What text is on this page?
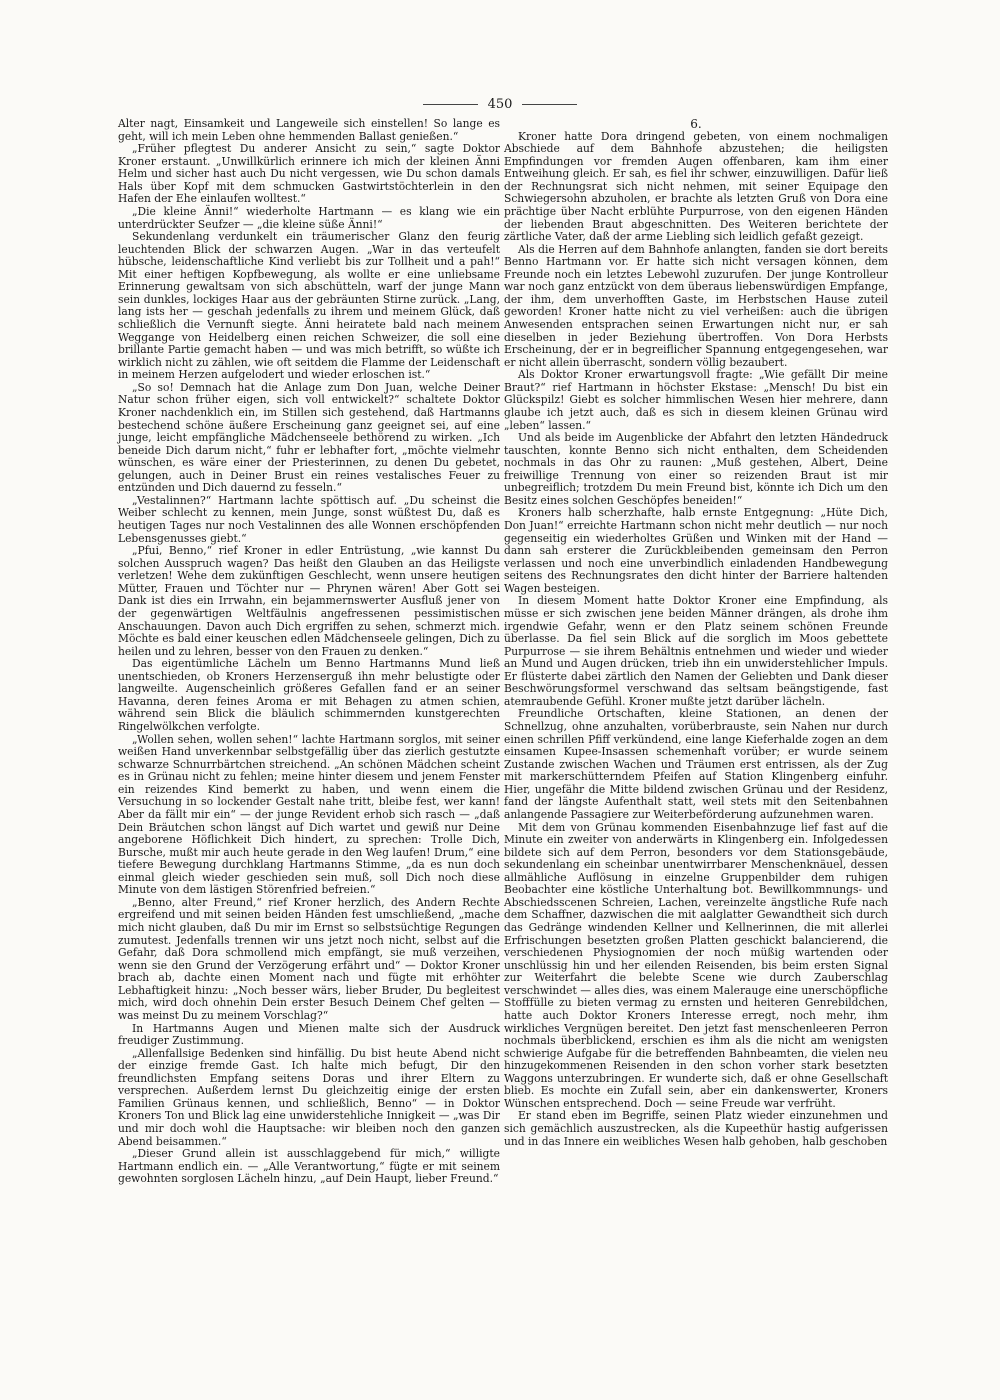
450

Alter nagt, Einsamkeit und Langeweile sich einstellen! So lange es geht, will ich mein Leben ohne hemmenden Ballast genießen.“

„Früher pflegtest Du anderer Ansicht zu sein,“ sagte Doktor Kroner erstaunt. „Unwillkürlich erinnere ich mich der kleinen Änni Helm und sicher hast auch Du nicht vergessen, wie Du schon damals Hals über Kopf mit dem schmucken Gastwirtstöchterlein in den Hafen der Ehe einlaufen wolltest.“

„Die kleine Änni!“ wiederholte Hartmann — es klang wie ein unterdrückter Seufzer — „die kleine süße Änni!“

Sekundenlang verdunkelt ein träumerischer Glanz den feurig leuchtenden Blick der schwarzen Augen. „War in das verteufelt hübsche, leidenschaftliche Kind verliebt bis zur Tollheit und a pah!“ Mit einer heftigen Kopfbewegung, als wollte er eine unliebsame Erinnerung gewaltsam von sich abschütteln, warf der junge Mann sein dunkles, lockiges Haar aus der gebräunten Stirne zurück. „Lang, lang ists her — geschah jedenfalls zu ihrem und meinem Glück, daß schließlich die Vernunft siegte. Änni heiratete bald nach meinem Weggange von Heidelberg einen reichen Schweizer, die soll eine brillante Partie gemacht haben — und was mich betrifft, so wüßte ich wirklich nicht zu zählen, wie oft seitdem die Flamme der Leidenschaft in meinem Herzen aufgelodert und wieder erloschen ist.“

„So so! Demnach hat die Anlage zum Don Juan, welche Deiner Natur schon früher eigen, sich voll entwickelt?“ schaltete Doktor Kroner nachdenklich ein, im Stillen sich gestehend, daß Hartmanns bestechend schöne äußere Erscheinung ganz geeignet sei, auf eine junge, leicht empfängliche Mädchenseele bethörend zu wirken. „Ich beneide Dich darum nicht,“ fuhr er lebhafter fort, „möchte vielmehr wünschen, es wäre einer der Priesterinnen, zu denen Du gebetet, gelungen, auch in Deiner Brust ein reines vestalisches Feuer zu entzünden und Dich dauernd zu fesseln.“

„Vestalinnen?“ Hartmann lachte spöttisch auf. „Du scheinst die Weiber schlecht zu kennen, mein Junge, sonst wüßtest Du, daß es heutigen Tages nur noch Vestalinnen des alle Wonnen erschöpfenden Lebensgenusses giebt.“

„Pfui, Benno,“ rief Kroner in edler Entrüstung, „wie kannst Du solchen Ausspruch wagen? Das heißt den Glauben an das Heiligste verletzen! Wehe dem zukünftigen Geschlecht, wenn unsere heutigen Mütter, Frauen und Töchter nur — Phrynen wären! Aber Gott sei Dank ist dies ein Irrwahn, ein bejammernswerter Ausfluß jener von der gegenwärtigen Weltfäulnis angefressenen pessimistischen Anschauungen. Davon auch Dich ergriffen zu sehen, schmerzt mich. Möchte es bald einer keuschen edlen Mädchenseele gelingen, Dich zu heilen und zu lehren, besser von den Frauen zu denken.“

Das eigentümliche Lächeln um Benno Hartmanns Mund ließ unentschieden, ob Kroners Herzenserguß ihn mehr belustigte oder langweilte. Augenscheinlich größeres Gefallen fand er an seiner Havanna, deren feines Aroma er mit Behagen zu atmen schien, während sein Blick die bläulich schimmernden kunstgerechten Ringelwölkchen verfolgte.

„Wollen sehen, wollen sehen!“ lachte Hartmann sorglos, mit seiner weißen Hand unverkennbar selbstgefällig über das zierlich gestutzte schwarze Schnurrbärtchen streichend. „An schönen Mädchen scheint es in Grünau nicht zu fehlen; meine hinter diesem und jenem Fenster ein reizendes Kind bemerkt zu haben, und wenn einem die Versuchung in so lockender Gestalt nahe tritt, bleibe fest, wer kann! Aber da fällt mir ein“ — der junge Revident erhob sich rasch — „daß Dein Bräutchen schon längst auf Dich wartet und gewiß nur Deine angeborene Höflichkeit Dich hindert, zu sprechen: Trolle Dich, Bursche, mußt mir auch heute gerade in den Weg laufen! Drum,“ eine tiefere Bewegung durchklang Hartmanns Stimme, „da es nun doch einmal gleich wieder geschieden sein muß, soll Dich noch diese Minute von dem lästigen Störenfried befreien.“

„Benno, alter Freund,“ rief Kroner herzlich, des Andern Rechte ergreifend und mit seinen beiden Händen fest umschließend, „mache mich nicht glauben, daß Du mir im Ernst so selbstsüchtige Regungen zumutest. Jedenfalls trennen wir uns jetzt noch nicht, selbst auf die Gefahr, daß Dora schmollend mich empfängt, sie muß verzeihen, wenn sie den Grund der Verzögerung erfährt und“ — Doktor Kroner brach ab, dachte einen Moment nach und fügte mit erhöhter Lebhaftigkeit hinzu: „Noch besser wärs, lieber Bruder, Du begleitest mich, wird doch ohnehin Dein erster Besuch Deinem Chef gelten — was meinst Du zu meinem Vorschlag?“

In Hartmanns Augen und Mienen malte sich der Ausdruck freudiger Zustimmung.

„Allenfallsige Bedenken sind hinfällig. Du bist heute Abend nicht der einzige fremde Gast. Ich halte mich befugt, Dir den freundlichsten Empfang seitens Doras und ihrer Eltern zu versprechen. Außerdem lernst Du gleichzeitig einige der ersten Familien Grünaus kennen, und schließlich, Benno“ — in Doktor Kroners Ton und Blick lag eine unwiderstehliche Innigkeit — „was Dir und mir doch wohl die Hauptsache: wir bleiben noch den ganzen Abend beisammen.“

„Dieser Grund allein ist ausschlaggebend für mich,“ willigte Hartmann endlich ein. — „Alle Verantwortung,“ fügte er mit seinem gewohnten sorglosen Lächeln hinzu, „auf Dein Haupt, lieber Freund.“

6.

Kroner hatte Dora dringend gebeten, von einem nochmaligen Abschiede auf dem Bahnhofe abzustehen; die heiligsten Empfindungen vor fremden Augen offenbaren, kam ihm einer Entweihung gleich. Er sah, es fiel ihr schwer, einzuwilligen. Dafür ließ der Rechnungsrat sich nicht nehmen, mit seiner Equipage den Schwiegersohn abzuholen, er brachte als letzten Gruß von Dora eine prächtige über Nacht erblühte Purpurrose, von den eigenen Händen der liebenden Braut abgeschnitten. Des Weiteren berichtete der zärtliche Vater, daß der arme Liebling sich leidlich gefaßt gezeigt.

Als die Herren auf dem Bahnhofe anlangten, fanden sie dort bereits Benno Hartmann vor. Er hatte sich nicht versagen können, dem Freunde noch ein letztes Lebewohl zuzurufen. Der junge Kontrolleur war noch ganz entzückt von dem überaus liebenswürdigen Empfange, der ihm, dem unverhofften Gaste, im Herbstschen Hause zuteil geworden! Kroner hatte nicht zu viel verheißen: auch die übrigen Anwesenden entsprachen seinen Erwartungen nicht nur, er sah dieselben in jeder Beziehung übertroffen. Von Dora Herbsts Erscheinung, der er in begreiflicher Spannung entgegengesehen, war er nicht allein überrascht, sondern völlig bezaubert.

Als Doktor Kroner erwartungsvoll fragte: „Wie gefällt Dir meine Braut?“ rief Hartmann in höchster Ekstase: „Mensch! Du bist ein Glückspilz! Giebt es solcher himmlischen Wesen hier mehrere, dann glaube ich jetzt auch, daß es sich in diesem kleinen Grünau wird „leben“ lassen.“

Und als beide im Augenblicke der Abfahrt den letzten Händedruck tauschten, konnte Benno sich nicht enthalten, dem Scheidenden nochmals in das Ohr zu raunen: „Muß gestehen, Albert, Deine freiwillige Trennung von einer so reizenden Braut ist mir unbegreiflich; trotzdem Du mein Freund bist, könnte ich Dich um den Besitz eines solchen Geschöpfes beneiden!“

Kroners halb scherzhafte, halb ernste Entgegnung: „Hüte Dich, Don Juan!“ erreichte Hartmann schon nicht mehr deutlich — nur noch gegenseitig ein wiederholtes Grüßen und Winken mit der Hand — dann sah ersterer die Zurückbleibenden gemeinsam den Perron verlassen und noch eine unverbindlich einladenden Handbewegung seitens des Rechnungsrates den dicht hinter der Barriere haltenden Wagen besteigen.

In diesem Moment hatte Doktor Kroner eine Empfindung, als müsse er sich zwischen jene beiden Männer drängen, als drohe ihm irgendwie Gefahr, wenn er den Platz seinem schönen Freunde überlasse. Da fiel sein Blick auf die sorglich im Moos gebettete Purpurrose — sie ihrem Behältnis entnehmen und wieder und wieder an Mund und Augen drücken, trieb ihn ein unwiderstehlicher Impuls. Er flüsterte dabei zärtlich den Namen der Geliebten und Dank dieser Beschwörungsformel verschwand das seltsam beängstigende, fast atemraubende Gefühl. Kroner mußte jetzt darüber lächeln.

Freundliche Ortschaften, kleine Stationen, an denen der Schnellzug, ohne anzuhalten, vorüberbrauste, sein Nahen nur durch einen schrillen Pfiff verkündend, eine lange Kieferhalde zogen an dem einsamen Kupee-Insassen schemenhaft vorüber; er wurde seinem Zustande zwischen Wachen und Träumen erst entrissen, als der Zug mit markerschütterndem Pfeifen auf Station Klingenberg einfuhr. Hier, ungefähr die Mitte bildend zwischen Grünau und der Residenz, fand der längste Aufenthalt statt, weil stets mit den Seitenbahnen anlangende Passagiere zur Weiterbeförderung aufzunehmen waren.

Mit dem von Grünau kommenden Eisenbahnzuge lief fast auf die Minute ein zweiter von anderwärts in Klingenberg ein. Infolgedessen bildete sich auf dem Perron, besonders vor dem Stationsgebäude, sekundenlang ein scheinbar unentwirrbarer Menschenknäuel, dessen allmähliche Auflösung in einzelne Gruppenbilder dem ruhigen Beobachter eine köstliche Unterhaltung bot. Bewillkommnungs- und Abschiedsscenen Schreien, Lachen, vereinzelte ängstliche Rufe nach dem Schaffner, dazwischen die mit aalglatter Gewandtheit sich durch das Gedränge windenden Kellner und Kellnerinnen, die mit allerlei Erfrischungen besetzten großen Platten geschickt balancierend, die verschiedenen Physiognomien der noch müßig wartenden oder unschlüssig hin und her eilenden Reisenden, bis beim ersten Signal zur Weiterfahrt die belebte Scene wie durch Zauberschlag verschwindet — alles dies, was einem Maleraugе eine unerschöpfliche Stofffülle zu bieten vermag zu ernsten und heiteren Genrebildchen, hatte auch Doktor Kroners Interesse erregt, noch mehr, ihm wirkliches Vergnügen bereitet. Den jetzt fast menschenleeren Perron nochmals überblickend, erschien es ihm als die nicht am wenigsten schwierige Aufgabe für die betreffenden Bahnbeamten, die vielen neu hinzugekommenen Reisenden in den schon vorher stark besetzten Waggons unterzubringen. Er wunderte sich, daß er ohne Gesellschaft blieb. Es mochte ein Zufall sein, aber ein dankenswerter, Kroners Wünschen entsprechend. Doch — seine Freude war verfrüht.

Er stand eben im Begriffe, seinen Platz wieder einzunehmen und sich gemächlich auszustrecken, als die Kupeethür hastig aufgerissen und in das Innere ein weibliches Wesen halb gehoben, halb geschoben
